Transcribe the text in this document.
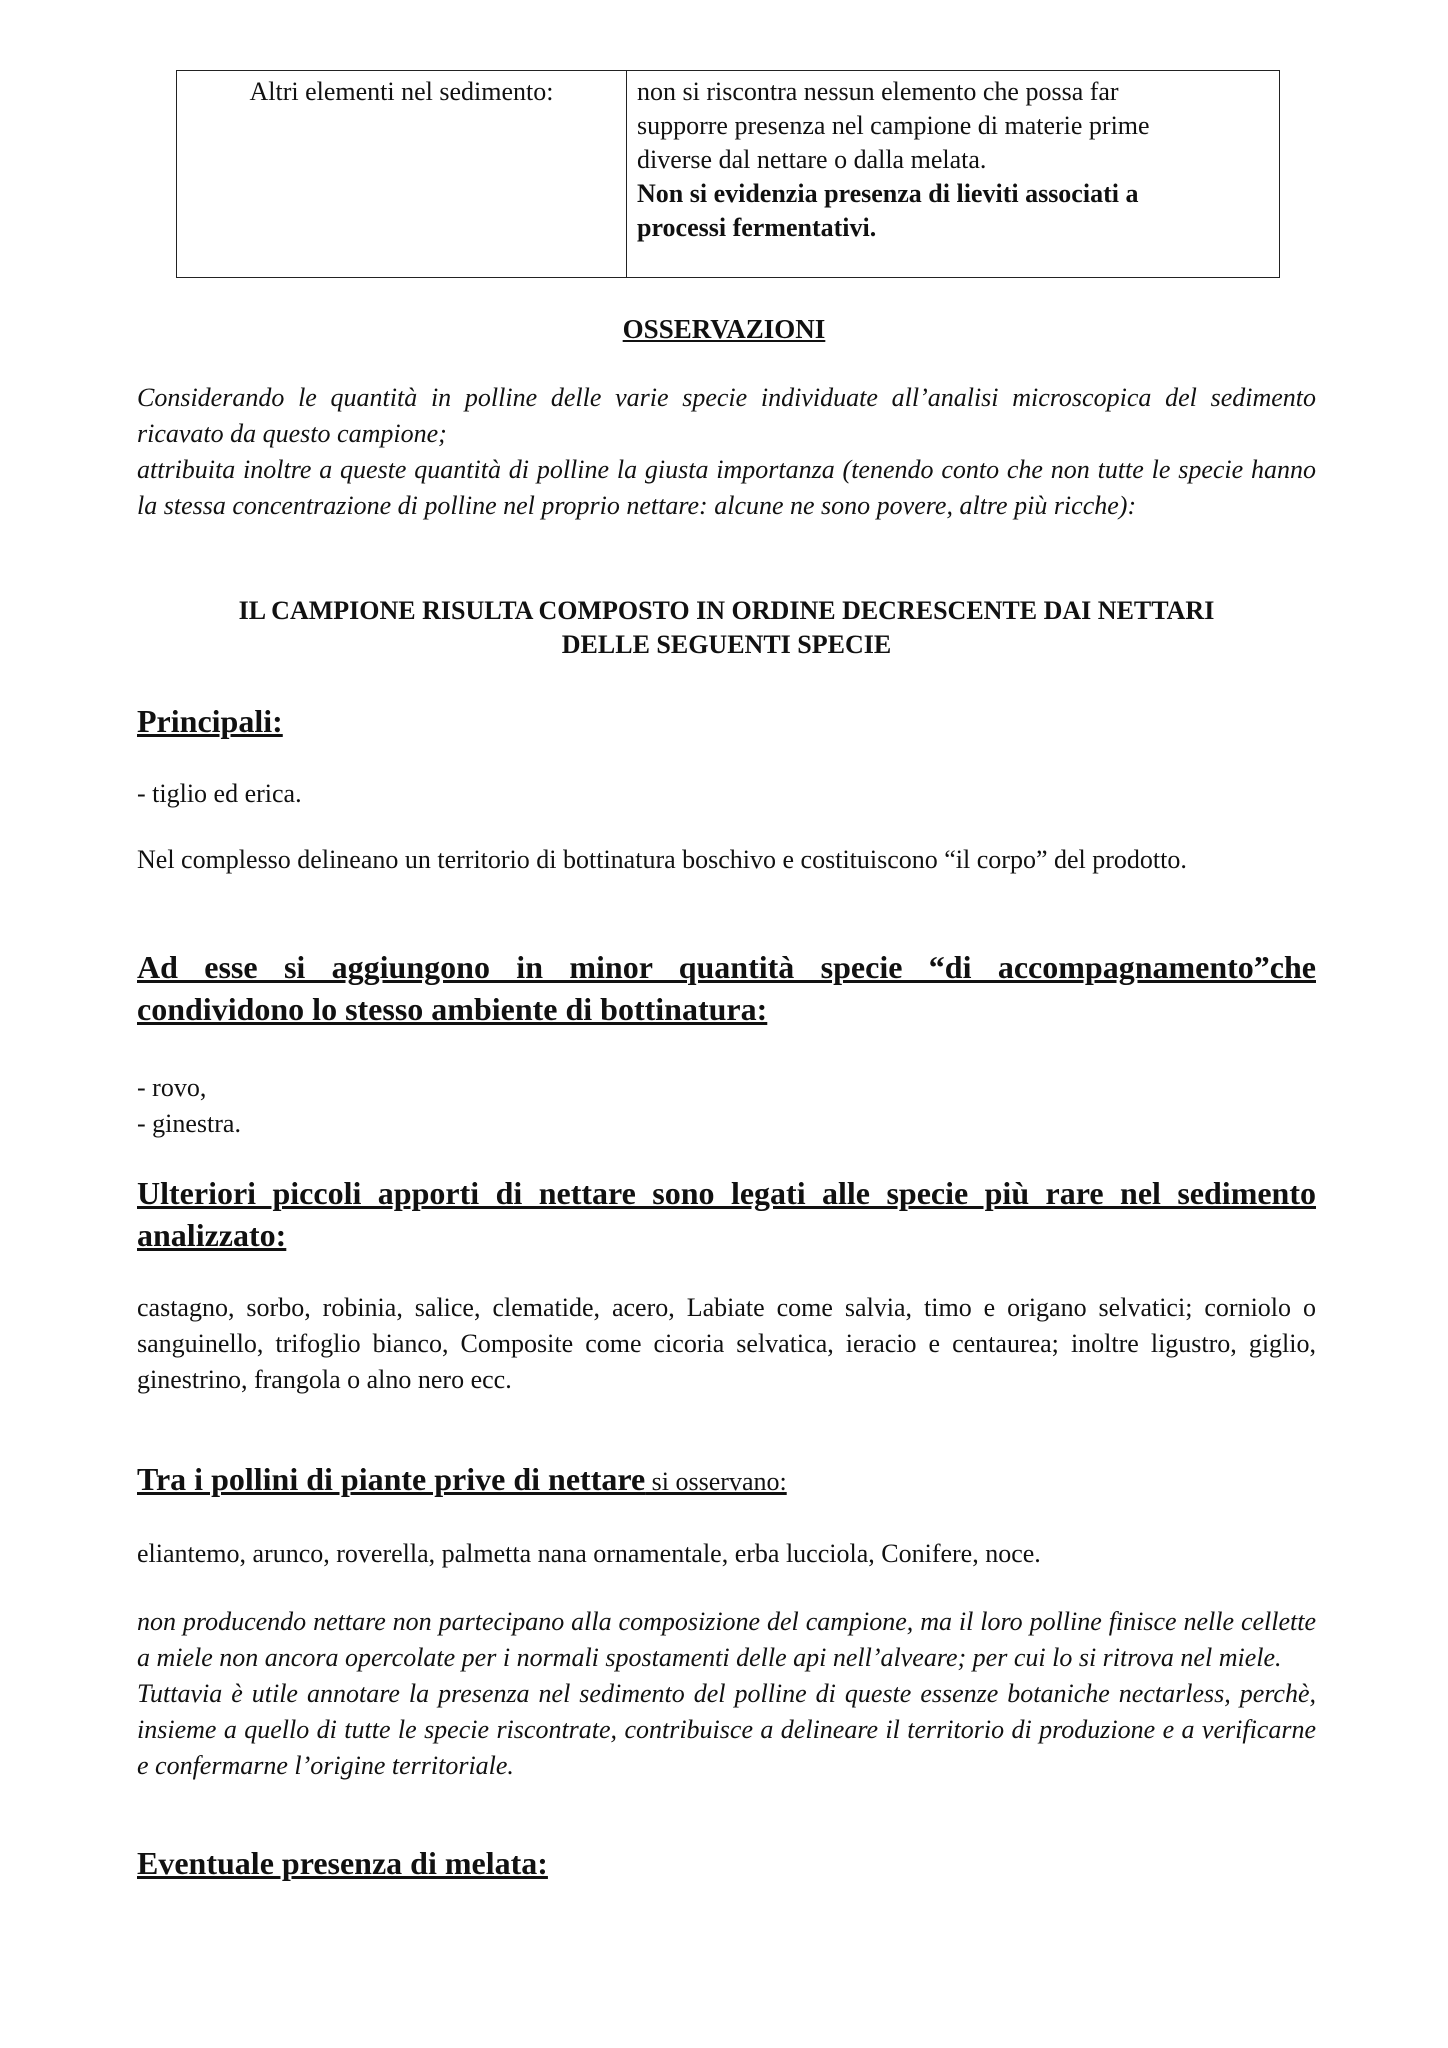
Altri elementi nel sedimento:	non si riscontra nessun elemento che possa far
supporre presenza nel campione di materie prime
diverse dal nettare o dalla melata.
Non si evidenzia presenza di lieviti associati a
processi fermentativi.
OSSERVAZIONI
Considerando le quantità in polline delle varie specie individuate all’analisi microscopica del sedimento ricavato da questo campione;
attribuita inoltre a queste quantità di polline la giusta importanza (tenendo conto che non tutte le specie hanno la stessa concentrazione di polline nel proprio nettare: alcune ne sono povere, altre più ricche):
IL CAMPIONE RISULTA COMPOSTO IN ORDINE DECRESCENTE DAI NETTARI
DELLE SEGUENTI SPECIE
Principali:
- tiglio ed erica.
Nel complesso delineano un territorio di bottinatura boschivo e costituiscono “il corpo” del prodotto.
Ad esse si aggiungono in minor quantità specie “di accompagnamento”che
condividono lo stesso ambiente di bottinatura:
- rovo,
- ginestra.
Ulteriori piccoli apporti di nettare sono legati alle specie più rare nel sedimento
analizzato:
castagno, sorbo, robinia, salice, clematide, acero, Labiate come salvia, timo e origano selvatici; corniolo o sanguinello, trifoglio bianco, Composite come cicoria selvatica, ieracio e centaurea; inoltre ligustro, giglio, ginestrino, frangola o alno nero ecc.
Tra i pollini di piante prive di nettare si osservano:
eliantemo, arunco, roverella, palmetta nana ornamentale, erba lucciola, Conifere, noce.
non producendo nettare non partecipano alla composizione del campione, ma il loro polline finisce nelle cellette a miele non ancora opercolate per i normali spostamenti delle api nell’alveare; per cui lo si ritrova nel miele.
Tuttavia è utile annotare la presenza nel sedimento del polline di queste essenze botaniche nectarless, perchè, insieme a quello di tutte le specie riscontrate, contribuisce a delineare il territorio di produzione e a verificarne e confermarne l’origine territoriale.
Eventuale presenza di melata:
